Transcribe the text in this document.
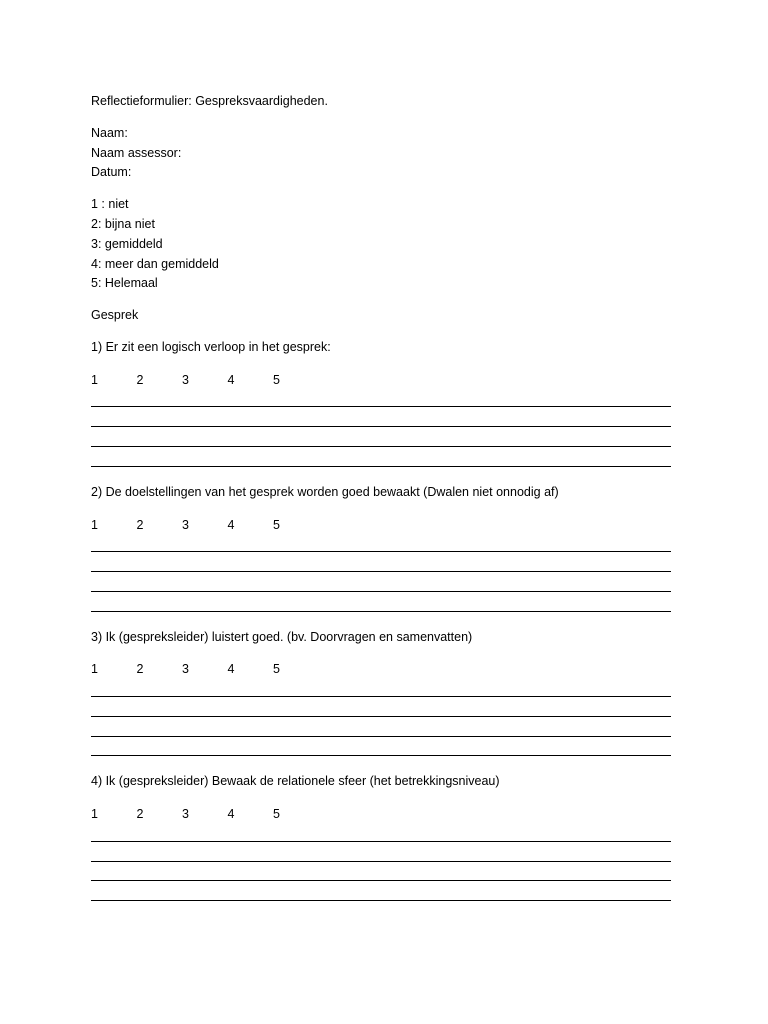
Reflectieformulier: Gespreksvaardigheden.
Naam:
Naam assessor:
Datum:
1 : niet
2: bijna niet
3: gemiddeld
4: meer dan gemiddeld
5: Helemaal
Gesprek
1) Er zit een logisch verloop in het gesprek:
1	2	3	4	5
2) De doelstellingen van het gesprek worden goed bewaakt (Dwalen niet onnodig af)
1	2	3	4	5
3) Ik (gespreksleider) luistert goed. (bv. Doorvragen en samenvatten)
1	2	3	4	5
4) Ik (gespreksleider) Bewaak de relationele sfeer (het betrekkingsniveau)
1	2	3	4	5
